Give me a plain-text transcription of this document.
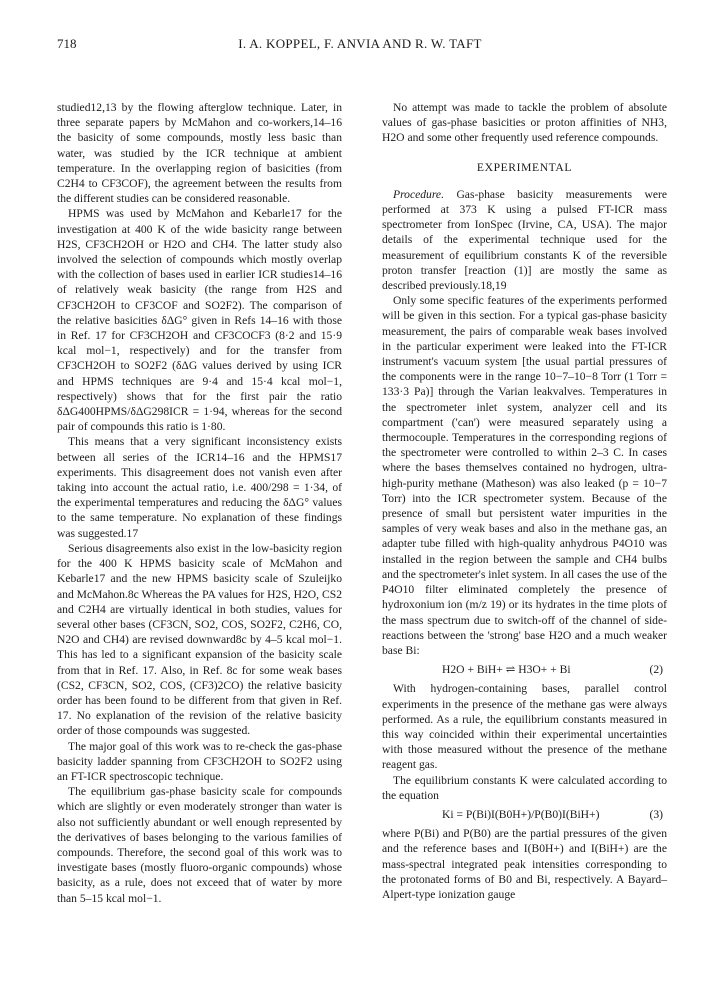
718	I. A. KOPPEL, F. ANVIA AND R. W. TAFT

studied12,13 by the flowing afterglow technique. Later, in three separate papers by McMahon and co-workers,14–16 the basicity of some compounds, mostly less basic than water, was studied by the ICR technique at ambient temperature. In the overlapping region of basicities (from C2H4 to CF3COF), the agreement between the results from the different studies can be considered reasonable.

HPMS was used by McMahon and Kebarle17 for the investigation at 400 K of the wide basicity range between H2S, CF3CH2OH or H2O and CH4. The latter study also involved the selection of compounds which mostly overlap with the collection of bases used in earlier ICR studies14–16 of relatively weak basicity (the range from H2S and CF3CH2OH to CF3COF and SO2F2). The comparison of the relative basicities δΔG° given in Refs 14–16 with those in Ref. 17 for CF3CH2OH and CF3COCF3 (8·2 and 15·9 kcal mol−1, respectively) and for the transfer from CF3CH2OH to SO2F2 (δΔG values derived by using ICR and HPMS techniques are 9·4 and 15·4 kcal mol−1, respectively) shows that for the first pair the ratio δΔG400HPMS/δΔG298ICR = 1·94, whereas for the second pair of compounds this ratio is 1·80.

This means that a very significant inconsistency exists between all series of the ICR14–16 and the HPMS17 experiments. This disagreement does not vanish even after taking into account the actual ratio, i.e. 400/298 = 1·34, of the experimental temperatures and reducing the δΔG° values to the same temperature. No explanation of these findings was suggested.17

Serious disagreements also exist in the low-basicity region for the 400 K HPMS basicity scale of McMahon and Kebarle17 and the new HPMS basicity scale of Szuleijko and McMahon.8c Whereas the PA values for H2S, H2O, CS2 and C2H4 are virtually identical in both studies, values for several other bases (CF3CN, SO2, COS, SO2F2, C2H6, CO, N2O and CH4) are revised downward8c by 4–5 kcal mol−1. This has led to a significant expansion of the basicity scale from that in Ref. 17. Also, in Ref. 8c for some weak bases (CS2, CF3CN, SO2, COS, (CF3)2CO) the relative basicity order has been found to be different from that given in Ref. 17. No explanation of the revision of the relative basicity order of those compounds was suggested.

The major goal of this work was to re-check the gas-phase basicity ladder spanning from CF3CH2OH to SO2F2 using an FT-ICR spectroscopic technique.

The equilibrium gas-phase basicity scale for compounds which are slightly or even moderately stronger than water is also not sufficiently abundant or well enough represented by the derivatives of bases belonging to the various families of compounds. Therefore, the second goal of this work was to investigate bases (mostly fluoro-organic compounds) whose basicity, as a rule, does not exceed that of water by more than 5–15 kcal mol−1.

No attempt was made to tackle the problem of absolute values of gas-phase basicities or proton affinities of NH3, H2O and some other frequently used reference compounds.

EXPERIMENTAL

Procedure. Gas-phase basicity measurements were performed at 373 K using a pulsed FT-ICR mass spectrometer from IonSpec (Irvine, CA, USA). The major details of the experimental technique used for the measurement of equilibrium constants K of the reversible proton transfer [reaction (1)] are mostly the same as described previously.18,19

Only some specific features of the experiments performed will be given in this section. For a typical gas-phase basicity measurement, the pairs of comparable weak bases involved in the particular experiment were leaked into the FT-ICR instrument's vacuum system [the usual partial pressures of the components were in the range 10−7–10−8 Torr (1 Torr = 133·3 Pa)] through the Varian leakvalves. Temperatures in the spectrometer inlet system, analyzer cell and its compartment ('can') were measured separately using a thermocouple. Temperatures in the corresponding regions of the spectrometer were controlled to within 2–3 C. In cases where the bases themselves contained no hydrogen, ultra-high-purity methane (Matheson) was also leaked (p = 10−7 Torr) into the ICR spectrometer system. Because of the presence of small but persistent water impurities in the samples of very weak bases and also in the methane gas, an adapter tube filled with high-quality anhydrous P4O10 was installed in the region between the sample and CH4 bulbs and the spectrometer's inlet system. In all cases the use of the P4O10 filter eliminated completely the presence of hydroxonium ion (m/z 19) or its hydrates in the time plots of the mass spectrum due to switch-off of the channel of side-reactions between the 'strong' base H2O and a much weaker base Bi:

H2O + BiH+ ⇌ H3O+ + Bi	(2)

With hydrogen-containing bases, parallel control experiments in the presence of the methane gas were always performed. As a rule, the equilibrium constants measured in this way coincided within their experimental uncertainties with those measured without the presence of the methane reagent gas.

The equilibrium constants K were calculated according to the equation

Ki = P(Bi)I(B0H+)/P(B0)I(BiH+)	(3)

where P(Bi) and P(B0) are the partial pressures of the given and the reference bases and I(B0H+) and I(BiH+) are the mass-spectral integrated peak intensities corresponding to the protonated forms of B0 and Bi, respectively. A Bayard–Alpert-type ionization gauge
